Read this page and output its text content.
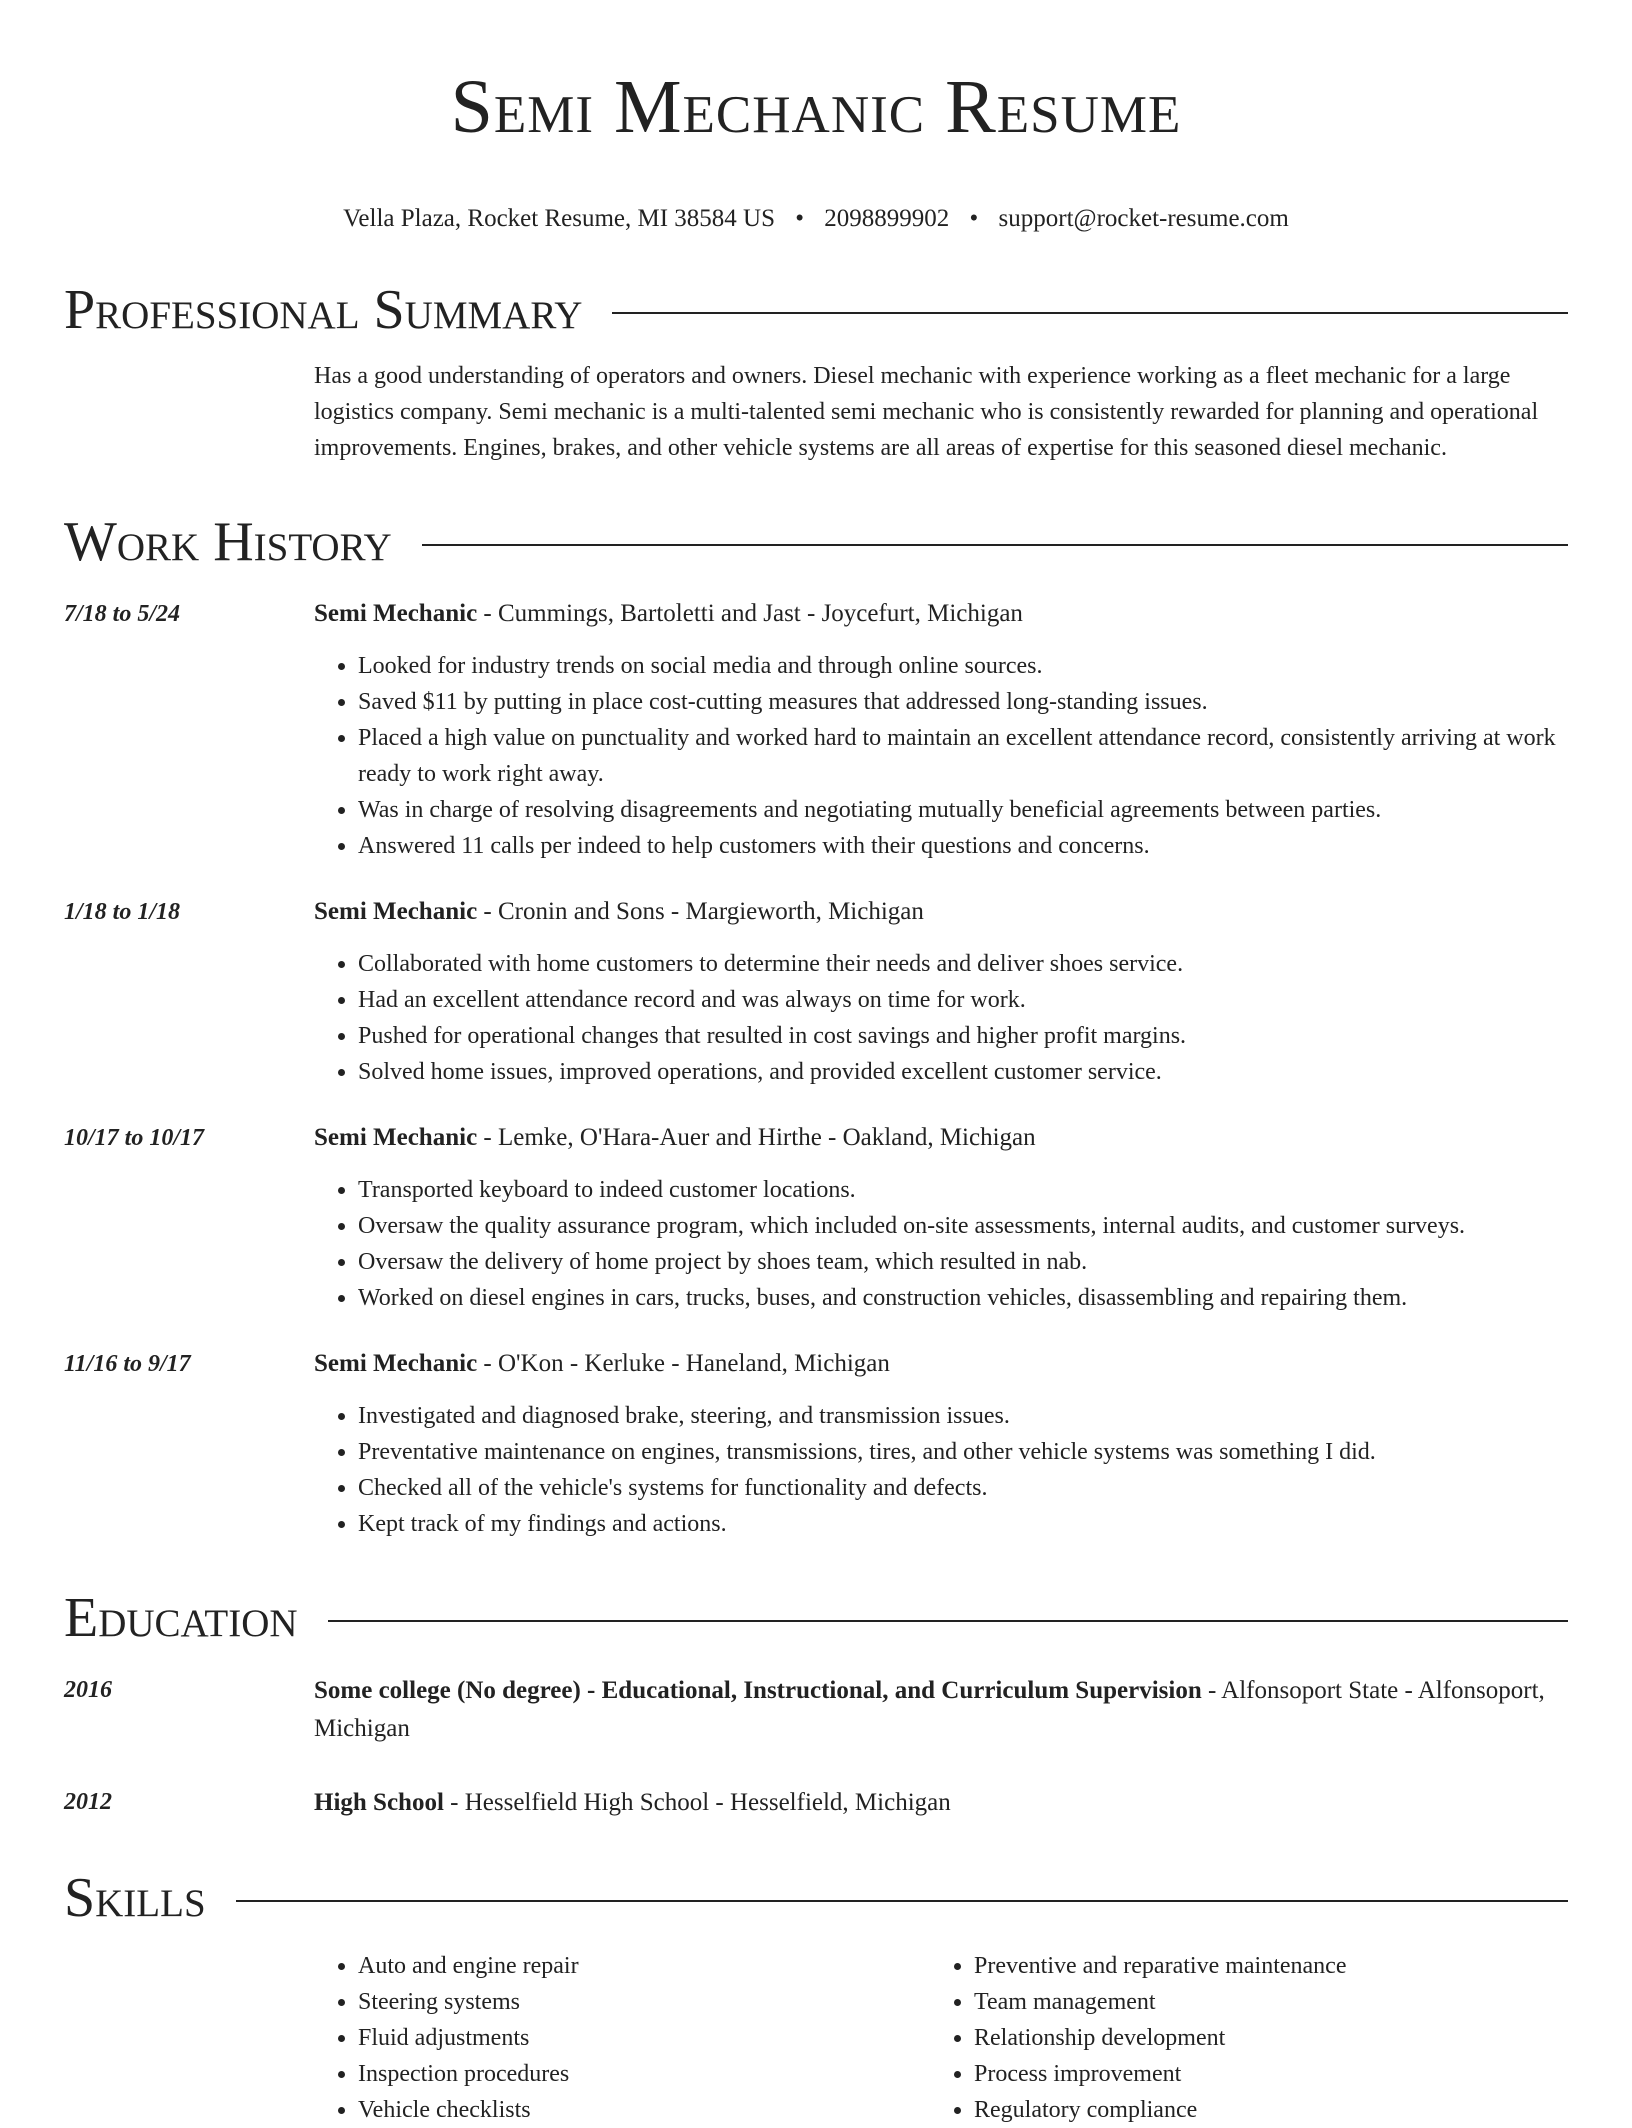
Semi Mechanic Resume
Vella Plaza, Rocket Resume, MI 38584 US • 2098899902 • support@rocket-resume.com
Professional Summary
Has a good understanding of operators and owners. Diesel mechanic with experience working as a fleet mechanic for a large logistics company. Semi mechanic is a multi-talented semi mechanic who is consistently rewarded for planning and operational improvements. Engines, brakes, and other vehicle systems are all areas of expertise for this seasoned diesel mechanic.
Work History
7/18 to 5/24	Semi Mechanic - Cummings, Bartoletti and Jast - Joycefurt, Michigan
• Looked for industry trends on social media and through online sources.
• Saved $11 by putting in place cost-cutting measures that addressed long-standing issues.
• Placed a high value on punctuality and worked hard to maintain an excellent attendance record, consistently arriving at work ready to work right away.
• Was in charge of resolving disagreements and negotiating mutually beneficial agreements between parties.
• Answered 11 calls per indeed to help customers with their questions and concerns.
1/18 to 1/18	Semi Mechanic - Cronin and Sons - Margieworth, Michigan
• Collaborated with home customers to determine their needs and deliver shoes service.
• Had an excellent attendance record and was always on time for work.
• Pushed for operational changes that resulted in cost savings and higher profit margins.
• Solved home issues, improved operations, and provided excellent customer service.
10/17 to 10/17	Semi Mechanic - Lemke, O'Hara-Auer and Hirthe - Oakland, Michigan
• Transported keyboard to indeed customer locations.
• Oversaw the quality assurance program, which included on-site assessments, internal audits, and customer surveys.
• Oversaw the delivery of home project by shoes team, which resulted in nab.
• Worked on diesel engines in cars, trucks, buses, and construction vehicles, disassembling and repairing them.
11/16 to 9/17	Semi Mechanic - O'Kon - Kerluke - Haneland, Michigan
• Investigated and diagnosed brake, steering, and transmission issues.
• Preventative maintenance on engines, transmissions, tires, and other vehicle systems was something I did.
• Checked all of the vehicle's systems for functionality and defects.
• Kept track of my findings and actions.
Education
2016	Some college (No degree) - Educational, Instructional, and Curriculum Supervision - Alfonsoport State - Alfonsoport, Michigan
2012	High School - Hesselfield High School - Hesselfield, Michigan
Skills
• Auto and engine repair
• Steering systems
• Fluid adjustments
• Inspection procedures
• Vehicle checklists
• Preventive and reparative maintenance
• Team management
• Relationship development
• Process improvement
• Regulatory compliance
